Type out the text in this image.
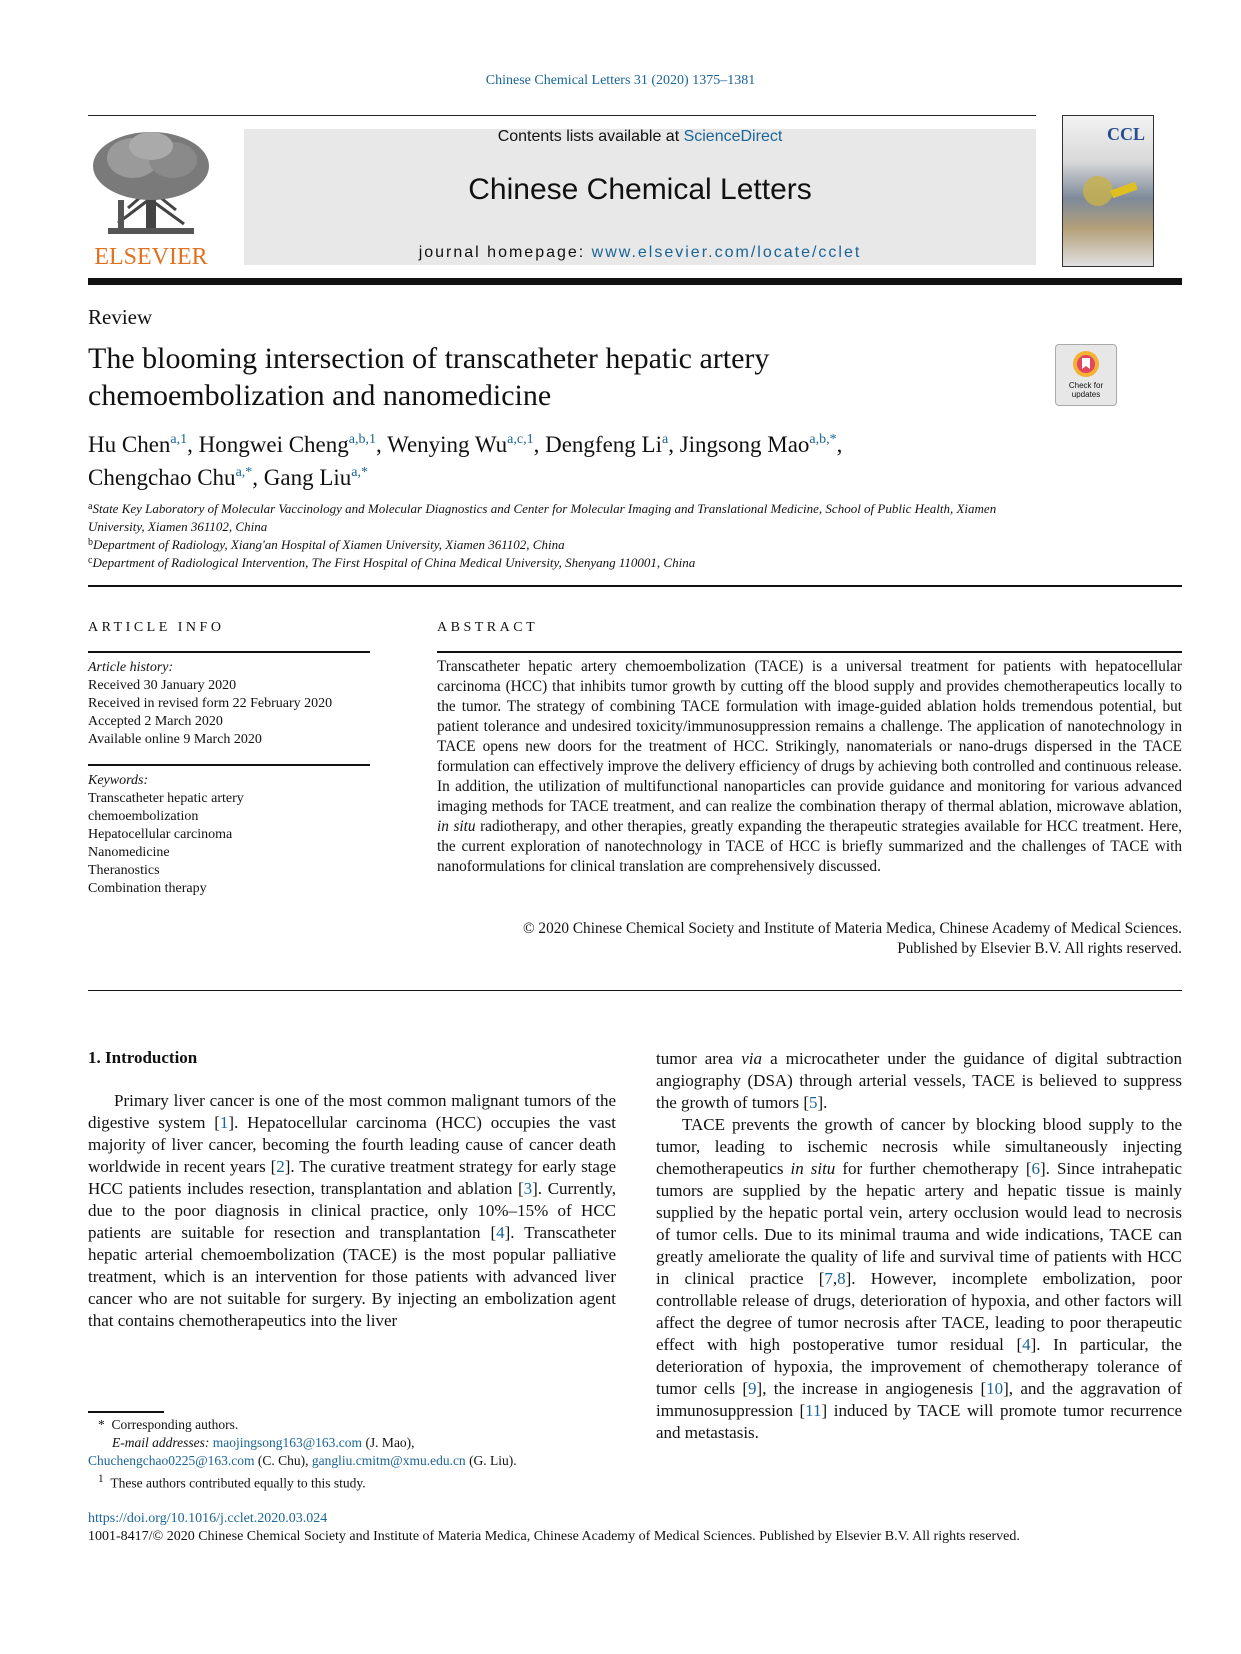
Chinese Chemical Letters 31 (2020) 1375–1381
ELSEVIER
Contents lists available at ScienceDirect
Chinese Chemical Letters
journal homepage: www.elsevier.com/locate/cclet
CCL
Review
The blooming intersection of transcatheter hepatic artery chemoembolization and nanomedicine	Check for updates
Hu Chen$^{a,1}$, Hongwei Cheng$^{a,b,1}$, Wenying Wu$^{a,c,1}$, Dengfeng Li$^a$, Jingsong Mao$^{a,b,*}$,
Chengchao Chu$^{a,*}$, Gang Liu$^{a,*}$
$^a$State Key Laboratory of Molecular Vaccinology and Molecular Diagnostics and Center for Molecular Imaging and Translational Medicine, School of Public Health, Xiamen University, Xiamen 361102, China
$^b$Department of Radiology, Xiang'an Hospital of Xiamen University, Xiamen 361102, China
$^c$Department of Radiological Intervention, The First Hospital of China Medical University, Shenyang 110001, China
ARTICLE INFO
Article history:
Received 30 January 2020
Received in revised form 22 February 2020
Accepted 2 March 2020
Available online 9 March 2020
Keywords:
Transcatheter hepatic artery
chemoembolization
Hepatocellular carcinoma
Nanomedicine
Theranostics
Combination therapy
ABSTRACT
Transcatheter hepatic artery chemoembolization (TACE) is a universal treatment for patients with hepatocellular carcinoma (HCC) that inhibits tumor growth by cutting off the blood supply and provides chemotherapeutics locally to the tumor. The strategy of combining TACE formulation with image-guided ablation holds tremendous potential, but patient tolerance and undesired toxicity/immunosuppression remains a challenge. The application of nanotechnology in TACE opens new doors for the treatment of HCC. Strikingly, nanomaterials or nano-drugs dispersed in the TACE formulation can effectively improve the delivery efficiency of drugs by achieving both controlled and continuous release. In addition, the utilization of multifunctional nanoparticles can provide guidance and monitoring for various advanced imaging methods for TACE treatment, and can realize the combination therapy of thermal ablation, microwave ablation, in situ radiotherapy, and other therapies, greatly expanding the therapeutic strategies available for HCC treatment. Here, the current exploration of nanotechnology in TACE of HCC is briefly summarized and the challenges of TACE with nanoformulations for clinical translation are comprehensively discussed.
© 2020 Chinese Chemical Society and Institute of Materia Medica, Chinese Academy of Medical Sciences.
Published by Elsevier B.V. All rights reserved.
1. Introduction
Primary liver cancer is one of the most common malignant tumors of the digestive system [1]. Hepatocellular carcinoma (HCC) occupies the vast majority of liver cancer, becoming the fourth leading cause of cancer death worldwide in recent years [2]. The curative treatment strategy for early stage HCC patients includes resection, transplantation and ablation [3]. Currently, due to the poor diagnosis in clinical practice, only 10%–15% of HCC patients are suitable for resection and transplantation [4]. Transcatheter hepatic arterial chemoembolization (TACE) is the most popular palliative treatment, which is an intervention for those patients with advanced liver cancer who are not suitable for surgery. By injecting an embolization agent that contains chemotherapeutics into the liver

tumor area via a microcatheter under the guidance of digital subtraction angiography (DSA) through arterial vessels, TACE is believed to suppress the growth of tumors [5].

TACE prevents the growth of cancer by blocking blood supply to the tumor, leading to ischemic necrosis while simultaneously injecting chemotherapeutics in situ for further chemotherapy [6]. Since intrahepatic tumors are supplied by the hepatic artery and hepatic tissue is mainly supplied by the hepatic portal vein, artery occlusion would lead to necrosis of tumor cells. Due to its minimal trauma and wide indications, TACE can greatly ameliorate the quality of life and survival time of patients with HCC in clinical practice [7,8]. However, incomplete embolization, poor controllable release of drugs, deterioration of hypoxia, and other factors will affect the degree of tumor necrosis after TACE, leading to poor therapeutic effect with high postoperative tumor residual [4]. In particular, the deterioration of hypoxia, the improvement of chemotherapy tolerance of tumor cells [9], the increase in angiogenesis [10], and the aggravation of immunosuppression [11] induced by TACE will promote tumor recurrence and metastasis.

* Corresponding authors.
E-mail addresses: maojingsong163@163.com (J. Mao),
Chuchengchao0225@163.com (C. Chu), gangliu.cmitm@xmu.edu.cn (G. Liu).
$^1$ These authors contributed equally to this study.
https://doi.org/10.1016/j.cclet.2020.03.024
1001-8417/© 2020 Chinese Chemical Society and Institute of Materia Medica, Chinese Academy of Medical Sciences. Published by Elsevier B.V. All rights reserved.
